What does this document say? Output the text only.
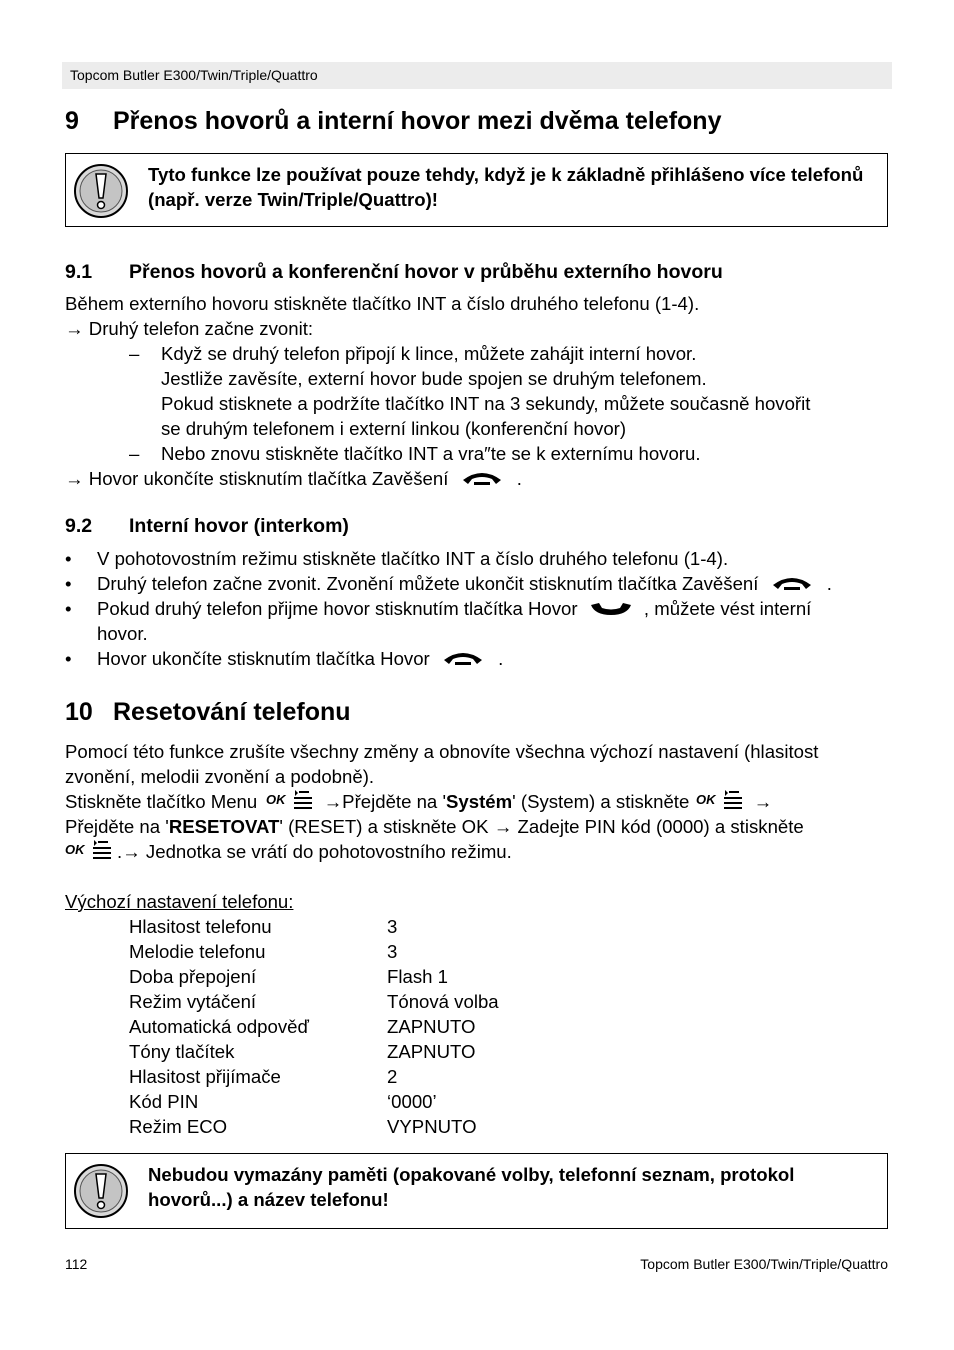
Topcom Butler E300/Twin/Triple/Quattro
9 Přenos hovorů a interní hovor mezi dvěma telefony
Tyto funkce lze používat pouze tehdy, když je k základně přihlášeno více telefonů (např. verze Twin/Triple/Quattro)!
9.1 Přenos hovorů a konferenční hovor v průběhu externího hovoru
Během externího hovoru stiskněte tlačítko INT a číslo druhého telefonu (1-4).
→ Druhý telefon začne zvonit:
– Když se druhý telefon připojí k lince, můžete zahájit interní hovor.
Jestliže zavěsíte, externí hovor bude spojen se druhým telefonem.
Pokud stisknete a podržíte tlačítko INT na 3 sekundy, můžete současně hovořit
se druhým telefonem i externí linkou (konferenční hovor)
– Nebo znovu stiskněte tlačítko INT a vra″te se k externímu hovoru.
→ Hovor ukončíte stisknutím tlačítka Zavěšení	.
9.2 Interní hovor (interkom)
• V pohotovostním režimu stiskněte tlačítko INT a číslo druhého telefonu (1-4).
• Druhý telefon začne zvonit. Zvonění můžete ukončit stisknutím tlačítka Zavěšení	.
• Pokud druhý telefon přijme hovor stisknutím tlačítka Hovor	, můžete vést interní
hovor.
• Hovor ukončíte stisknutím tlačítka Hovor	.
10 Resetování telefonu
Pomocí této funkce zrušíte všechny změny a obnovíte všechna výchozí nastavení (hlasitost
zvonění, melodii zvonění a podobně).
Stiskněte tlačítko Menu OK →Přejděte na 'Systém' (System) a stiskněte OK →
Přejděte na 'RESETOVAT' (RESET) a stiskněte OK → Zadejte PIN kód (0000) a stiskněte
OK .→ Jednotka se vrátí do pohotovostního režimu.
Výchozí nastavení telefonu:
Hlasitost telefonu	3
Melodie telefonu	3
Doba přepojení	Flash 1
Režim vytáčení	Tónová volba
Automatická odpověď	ZAPNUTO
Tóny tlačítek	ZAPNUTO
Hlasitost přijímače	2
Kód PIN	‘0000’
Režim ECO	VYPNUTO
Nebudou vymazány paměti (opakované volby, telefonní seznam, protokol hovorů...) a název telefonu!
112	Topcom Butler E300/Twin/Triple/Quattro
